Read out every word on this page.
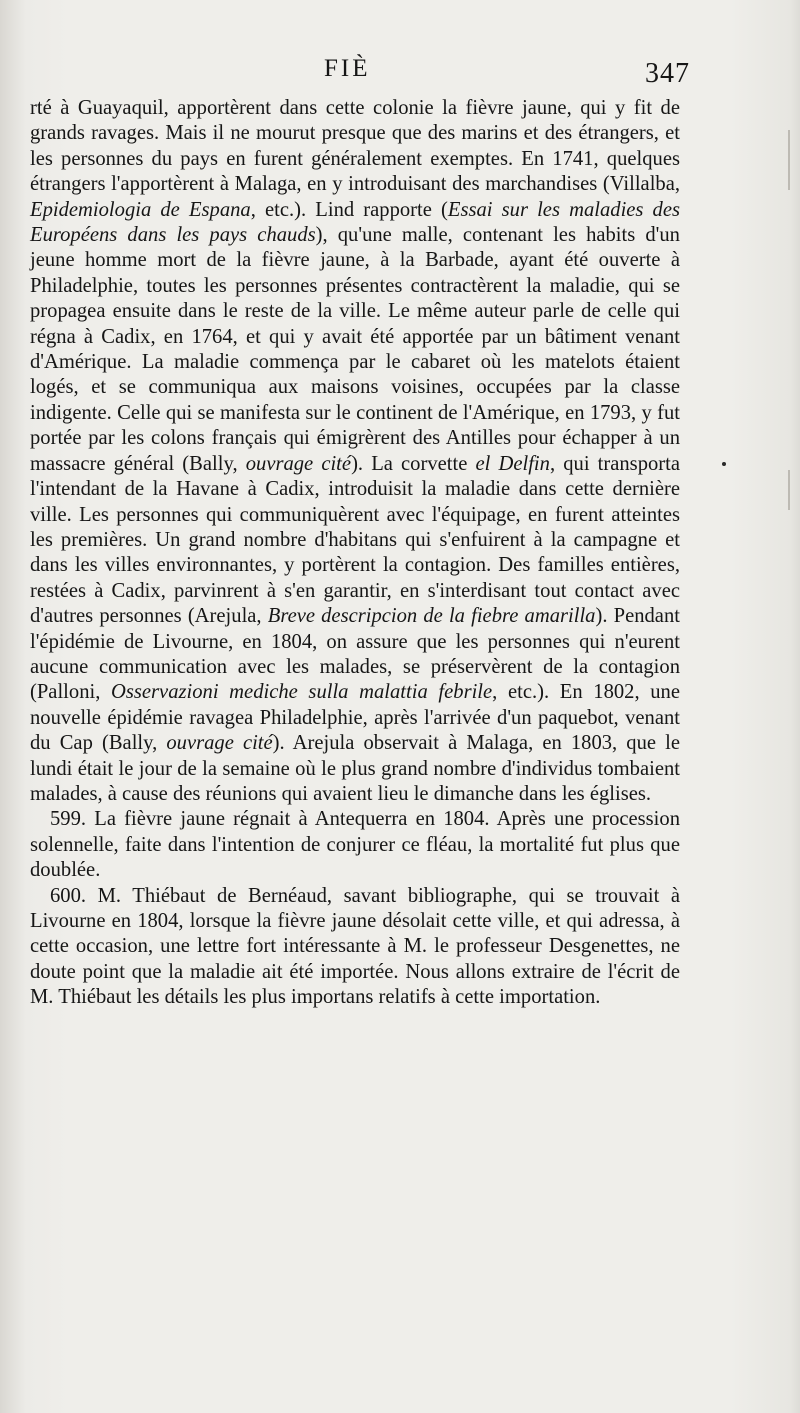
FIÈ	347

rté à Guayaquil, apportèrent dans cette colonie la fièvre jaune, qui y fit de grands ravages. Mais il ne mourut presque que des marins et des étrangers, et les personnes du pays en furent généralement exemptes. En 1741, quelques étrangers l'apportèrent à Malaga, en y introduisant des marchandises (Villalba, Epidemiologia de Espana, etc.). Lind rapporte (Essai sur les maladies des Européens dans les pays chauds), qu'une malle, contenant les habits d'un jeune homme mort de la fièvre jaune, à la Barbade, ayant été ouverte à Philadelphie, toutes les personnes présentes contractèrent la maladie, qui se propagea ensuite dans le reste de la ville. Le même auteur parle de celle qui régna à Cadix, en 1764, et qui y avait été apportée par un bâtiment venant d'Amérique. La maladie commença par le cabaret où les matelots étaient logés, et se communiqua aux maisons voisines, occupées par la classe indigente. Celle qui se manifesta sur le continent de l'Amérique, en 1793, y fut portée par les colons français qui émigrèrent des Antilles pour échapper à un massacre général (Bally, ouvrage cité). La corvette el Delfin, qui transporta l'intendant de la Havane à Cadix, introduisit la maladie dans cette dernière ville. Les personnes qui communiquèrent avec l'équipage, en furent atteintes les premières. Un grand nombre d'habitans qui s'enfuirent à la campagne et dans les villes environnantes, y portèrent la contagion. Des familles entières, restées à Cadix, parvinrent à s'en garantir, en s'interdisant tout contact avec d'autres personnes (Arejula, Breve descripcion de la fiebre amarilla). Pendant l'épidémie de Livourne, en 1804, on assure que les personnes qui n'eurent aucune communication avec les malades, se préservèrent de la contagion (Palloni, Osservazioni mediche sulla malattia febrile, etc.). En 1802, une nouvelle épidémie ravagea Philadelphie, après l'arrivée d'un paquebot, venant du Cap (Bally, ouvrage cité). Arejula observait à Malaga, en 1803, que le lundi était le jour de la semaine où le plus grand nombre d'individus tombaient malades, à cause des réunions qui avaient lieu le dimanche dans les églises.

599. La fièvre jaune régnait à Antequerra en 1804. Après une procession solennelle, faite dans l'intention de conjurer ce fléau, la mortalité fut plus que doublée.

600. M. Thiébaut de Bernéaud, savant bibliographe, qui se trouvait à Livourne en 1804, lorsque la fièvre jaune désolait cette ville, et qui adressa, à cette occasion, une lettre fort intéressante à M. le professeur Desgenettes, ne doute point que la maladie ait été importée. Nous allons extraire de l'écrit de M. Thiébaut les détails les plus importans relatifs à cette importation.
